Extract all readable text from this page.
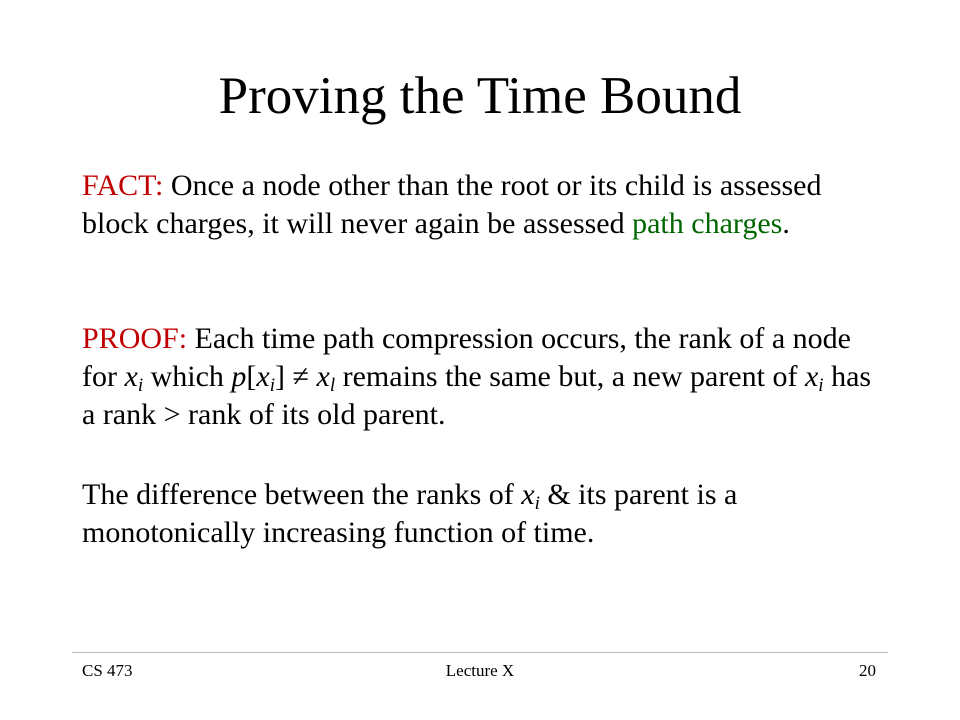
Proving the Time Bound
FACT: Once a node other than the root or its child is assessed block charges, it will never again be assessed path charges.
PROOF: Each time path compression occurs, the rank of a node for $x_i$ which $p[x_i] \ne x_l$ remains the same but, a new parent of $x_i$ has a rank > rank of its old parent.
The difference between the ranks of $x_i$ & its parent is a monotonically increasing function of time.
CS 473	Lecture X	20
